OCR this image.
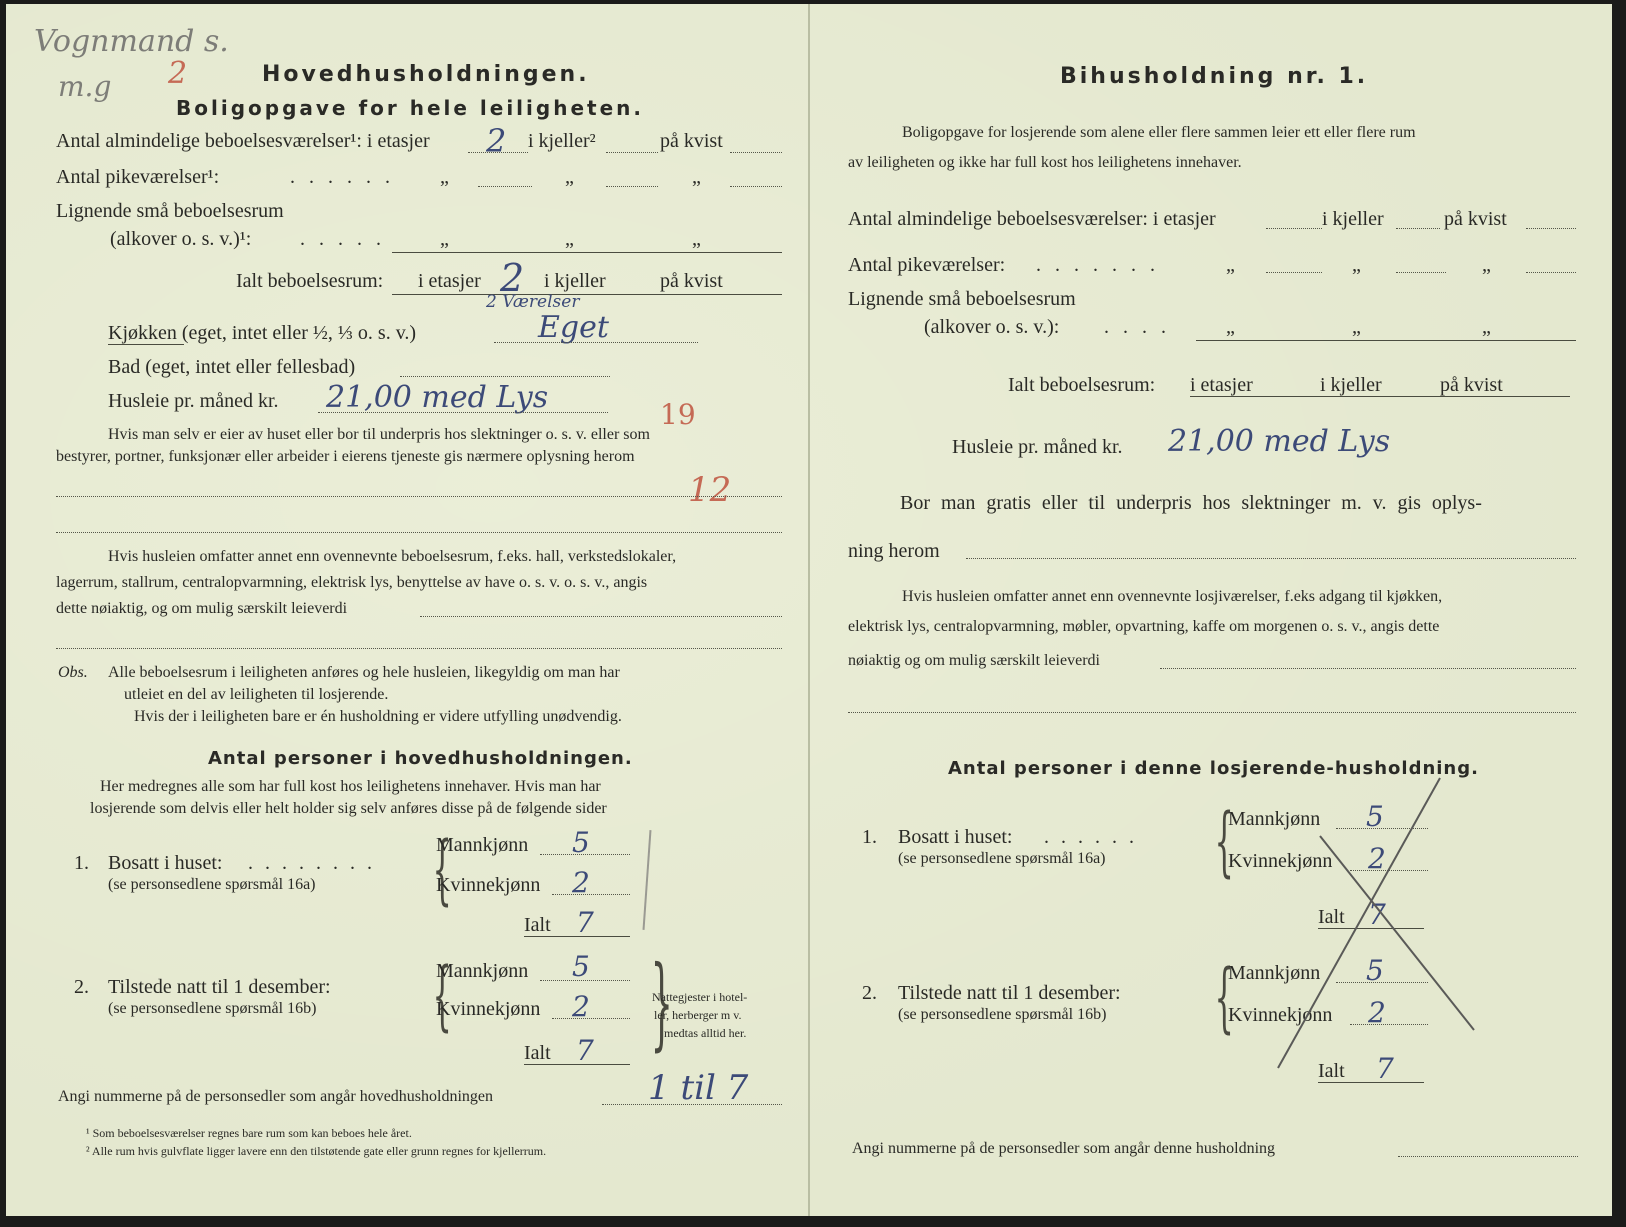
Vognmand s.
m.g 2	Hovedhusholdningen.
Boligopgave for hele leiligheten.
Antal almindelige beboelsesværelser¹: i etasjer 2 i kjeller²	på kvist
Antal pikeværelser¹:	...... „	„	„
Lignende små beboelsesrum
(alkover o. s. v.)¹: ..... „	„	„
Ialt beboelsesrum: i etasjer 2 i kjeller	på kvist
2 Værelser
Kjøkken (eget, intet eller ½, ⅓ o. s. v.)	Eget
Bad (eget, intet eller fellesbad)
Husleie pr. måned kr. 21,00 med Lys	19
Hvis man selv er eier av huset eller bor til underpris hos slektninger o. s. v. eller som
bestyrer, portner, funksjonær eller arbeider i eierens tjeneste gis nærmere oplysning herom
12
Hvis husleien omfatter annet enn ovennevnte beboelsesrum, f.eks. hall, verkstedslokaler,
lagerrum, stallrum, centralopvarmning, elektrisk lys, benyttelse av have o. s. v. o. s. v., angis
dette nøiaktig, og om mulig særskilt leieverdi
Obs. Alle beboelsesrum i leiligheten anføres og hele husleien, likegyldig om man har
utleiet en del av leiligheten til losjerende.
Hvis der i leiligheten bare er én husholdning er videre utfylling unødvendig.
Antal personer i hovedhusholdningen.
Her medregnes alle som har full kost hos leilighetens innehaver. Hvis man har
losjerende som delvis eller helt holder sig selv anføres disse på de følgende sider
1. Bosatt i huset: ........
(se personsedlene spørsmål 16a) {
Mannkjønn 5
Kvinnekjønn 2
Ialt 7
2. Tilstede natt til 1 desember:
(se personsedlene spørsmål 16b) {
Mannkjønn 5
Kvinnekjønn 2
Ialt 7 }
Nattegjester i hotel-
ler, herberger m v.
medtas alltid her.
Angi nummerne på de personsedler som angår hovedhusholdningen	1 til 7
¹ Som beboelsesværelser regnes bare rum som kan beboes hele året.
² Alle rum hvis gulvflate ligger lavere enn den tilstøtende gate eller grunn regnes for kjellerrum.
Bihusholdning nr. 1.
Boligopgave for losjerende som alene eller flere sammen leier ett eller flere rum
av leiligheten og ikke har full kost hos leilighetens innehaver.
Antal almindelige beboelsesværelser: i etasjer	i kjeller	på kvist
Antal pikeværelser: .......	„	„	„
Lignende små beboelsesrum
(alkover o. s. v.): .... „	„	„
Ialt beboelsesrum: i etasjer	i kjeller	på kvist
Husleie pr. måned kr. 21,00 med Lys
Bor man gratis eller til underpris hos slektninger m. v. gis oplys-
ning herom
Hvis husleien omfatter annet enn ovennevnte losjiværelser, f.eks adgang til kjøkken,
elektrisk lys, centralopvarmning, møbler, opvartning, kaffe om morgenen o. s. v., angis dette
nøiaktig og om mulig særskilt leieverdi
Antal personer i denne losjerende-husholdning.
1. Bosatt i huset: ......
(se personsedlene spørsmål 16a) {
Mannkjønn 5
Kvinnekjønn 2
Ialt 7
2. Tilstede natt til 1 desember:
(se personsedlene spørsmål 16b) {
Mannkjønn 5
Kvinnekjønn 2
Ialt 7
Angi nummerne på de personsedler som angår denne husholdning
